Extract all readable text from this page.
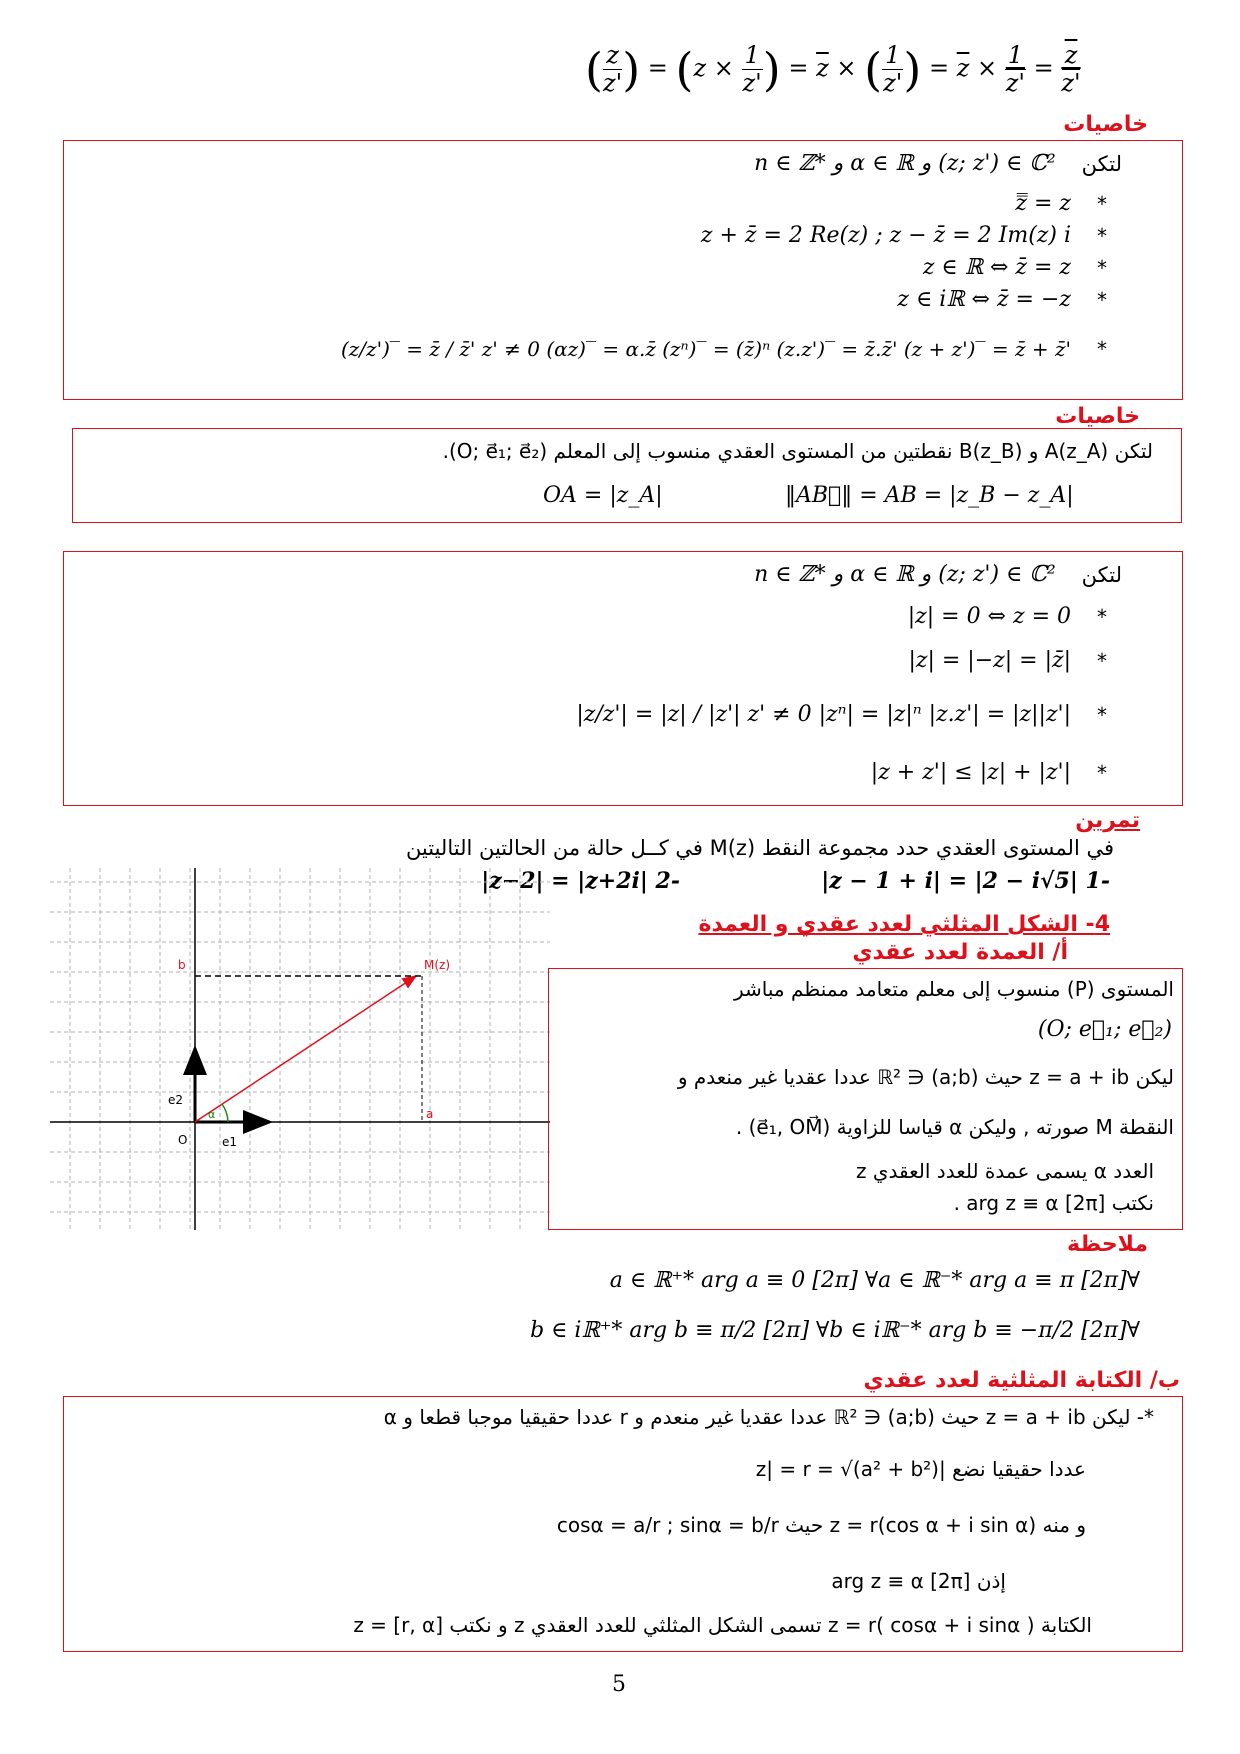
( $\frac{z}{z'}$ ) = ($z \times \frac{1}{z'}$ ) = $\overline{z}$ × ( $\frac{1}{z'}$ ) = $\overline{z} \times \frac{1}{z'} = \frac{\overline{z}}{z'}$
خاصيات
لتكن
n ∈ ℤ* و α ∈ ℝ و (z; z') ∈ ℂ²
*
z̿ = z
*
z + z̄ = 2 Re(z) ; z − z̄ = 2 Im(z) i
*
z ∈ ℝ ⇔ z̄ = z
*
z ∈ iℝ ⇔ z̄ = −z
*
(z/z')‾ = z̄ / z̄' z' ≠ 0 (αz)‾ = α.z̄ (zⁿ)‾ = (z̄)ⁿ (z.z')‾ = z̄.z̄' (z + z')‾ = z̄ + z̄'
خاصيات
لتكن A(z_A) و B(z_B) نقطتين من المستوى العقدي منسوب إلى المعلم (O; e⃗₁; e⃗₂).
OA = |z_A|	‖AB⃗‖ = AB = |z_B − z_A|
لتكن
n ∈ ℤ* و α ∈ ℝ و (z; z') ∈ ℂ²
*
|z| = 0 ⇔ z = 0
*
|z| = |−z| = |z̄|
*
|z/z'| = |z| / |z'| z' ≠ 0 |zⁿ| = |z|ⁿ |z.z'| = |z||z'|
*
|z + z'| ≤ |z| + |z'|
تمرين
في المستوى العقدي حدد مجموعة النقط M(z) في كــل حالة من الحالتين التاليتين
-1 |z − 1 + i| = |2 − i√5|
-2 |z−2| = |z+2i|
4- الشكل المثلثي لعدد عقدي و العمدة
أ/ العمدة لعدد عقدي
M(z)
b
a
O	e1
e2
α
المستوى (P) منسوب إلى معلم متعامد ممنظم مباشر
(O; e⃗₁; e⃗₂)
ليكن z = a + ib حيث (a;b) ∈ ℝ² عددا عقديا غير منعدم و
النقطة M صورته , وليكن α قياسا للزاوية (e⃗₁, OM⃗) .
العدد α يسمى عمدة للعدد العقدي z
نكتب arg z ≡ α [2π] .
ملاحظة
∀a ∈ ℝ⁺* arg a ≡ 0 [2π] ∀a ∈ ℝ⁻* arg a ≡ π [2π]
∀b ∈ iℝ⁺* arg b ≡ π/2 [2π] ∀b ∈ iℝ⁻* arg b ≡ −π/2 [2π]
ب/ الكتابة المثلثية لعدد عقدي
*- ليكن z = a + ib حيث (a;b) ∈ ℝ² عددا عقديا غير منعدم و r عددا حقيقيا موجبا قطعا و α
عددا حقيقيا نضع |z| = r = √(a² + b²)
و منه z = r(cos α + i sin α) حيث cosα = a/r ; sinα = b/r
إذن arg z ≡ α [2π]
الكتابة z = r( cosα + i sinα ) تسمى الشكل المثلثي للعدد العقدي z و نكتب z = [r, α]
5
